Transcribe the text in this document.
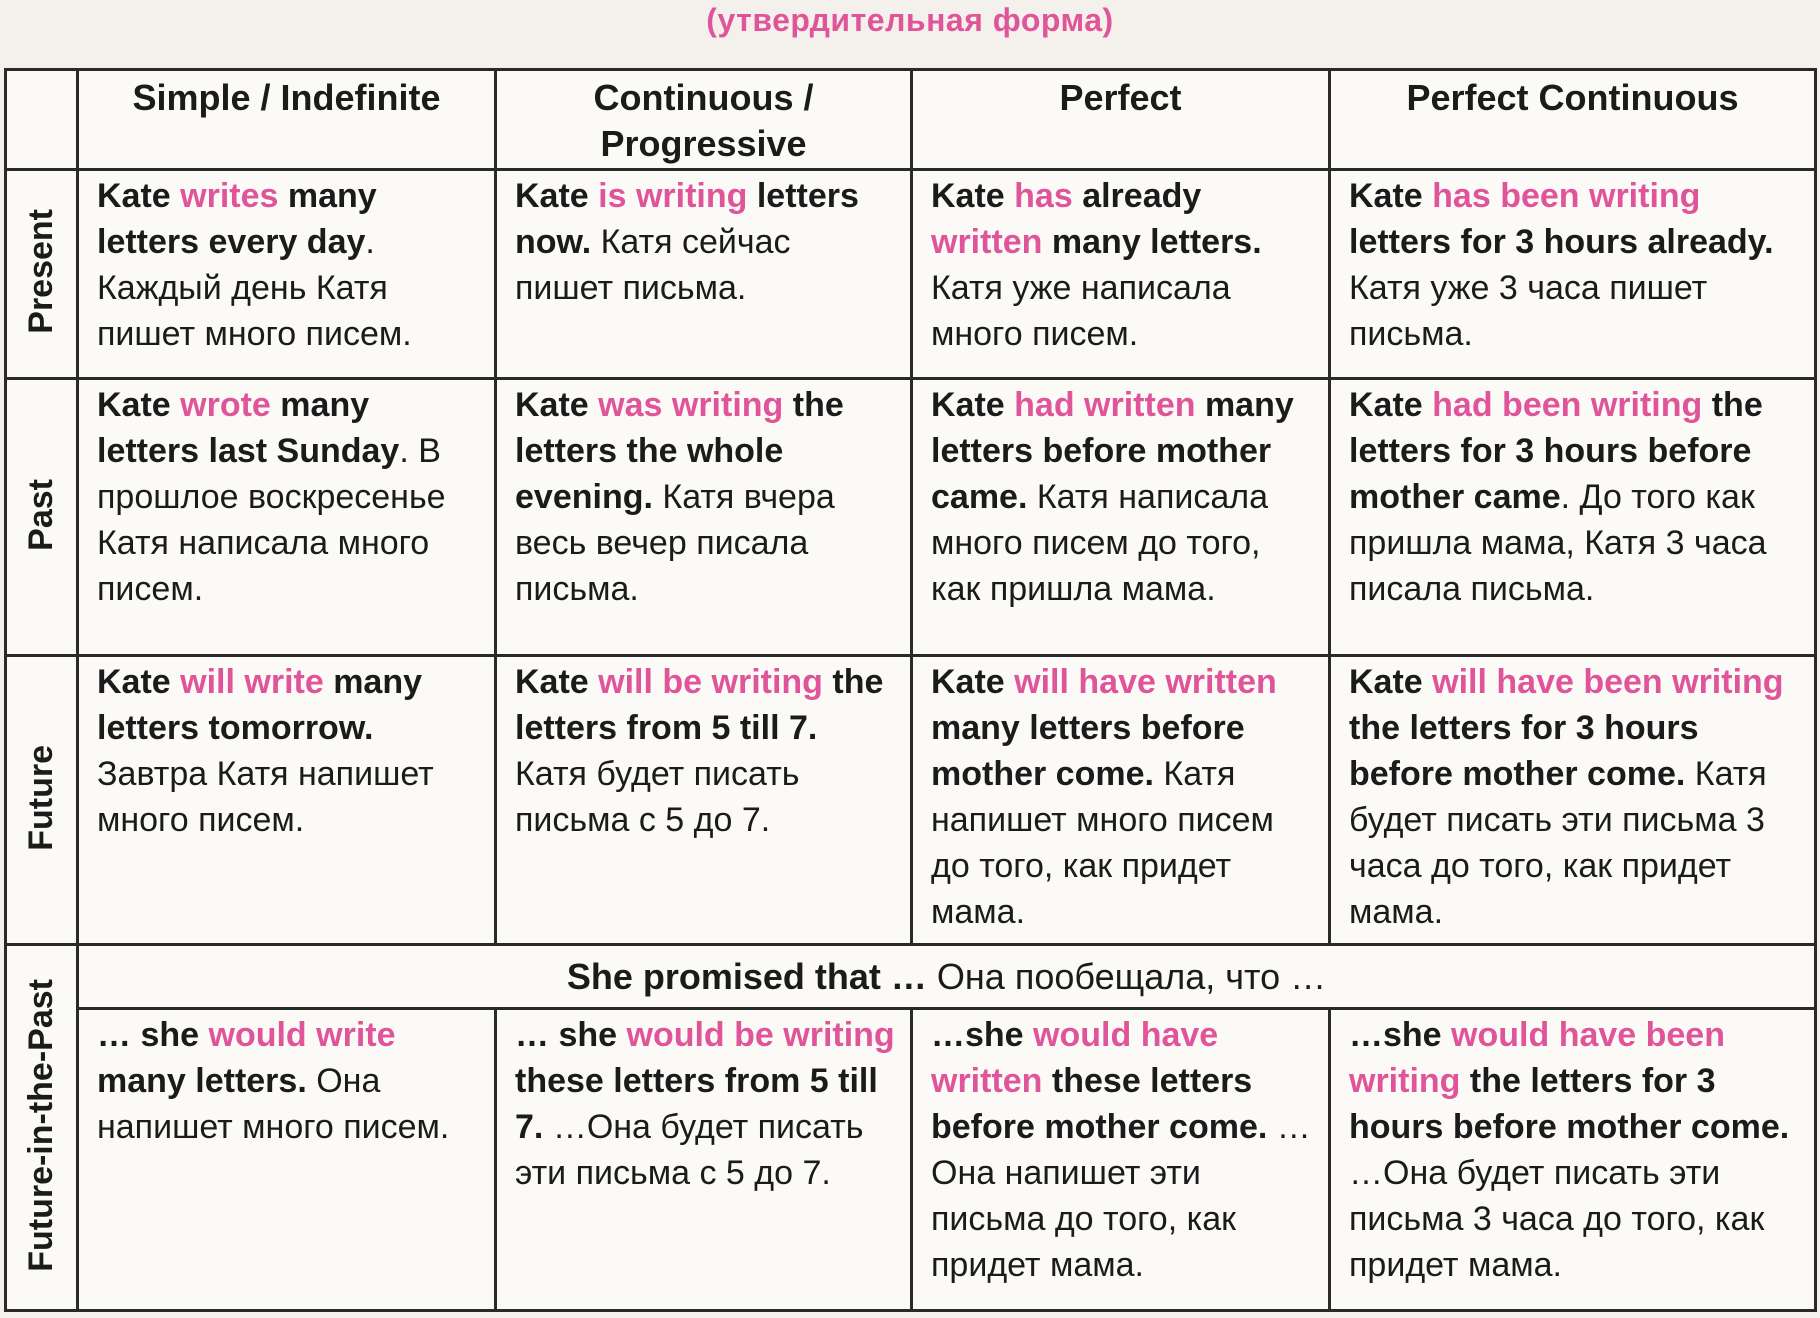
(утвердительная форма)
	Simple / Indefinite	Continuous / Progressive	Perfect	Perfect Continuous
Present	Kate writes many letters every day. Каждый день Катя пишет много писем.	Kate is writing letters now. Катя сейчас пишет письма.	Kate has already written many letters. Катя уже написала много писем.	Kate has been writing letters for 3 hours already. Катя уже 3 часа пишет письма.
Past	Kate wrote many letters last Sunday. В прошлое воскресенье Катя написала много писем.	Kate was writing the letters the whole evening. Катя вчера весь вечер писала письма.	Kate had written many letters before mother came. Катя написала много писем до того, как пришла мама.	Kate had been writing the letters for 3 hours before mother came. До того как пришла мама, Катя 3 часа писала письма.
Future	Kate will write many letters tomorrow. Завтра Катя напишет много писем.	Kate will be writing the letters from 5 till 7. Катя будет писать письма с 5 до 7.	Kate will have written many letters before mother come. Катя напишет много писем до того, как придет мама.	Kate will have been writing the letters for 3 hours before mother come. Катя будет писать эти письма 3 часа до того, как придет мама.
Future-in-the-Past	She promised that … Она пообещала, что …			
	… she would write many letters. Она напишет много писем.	… she would be writing these letters from 5 till 7. …Она будет писать эти письма с 5 до 7.	…she would have written these letters before mother come. …Она напишет эти письма до того, как придет мама.	…she would have been writing the letters for 3 hours before mother come. …Она будет писать эти письма 3 часа до того, как придет мама.
